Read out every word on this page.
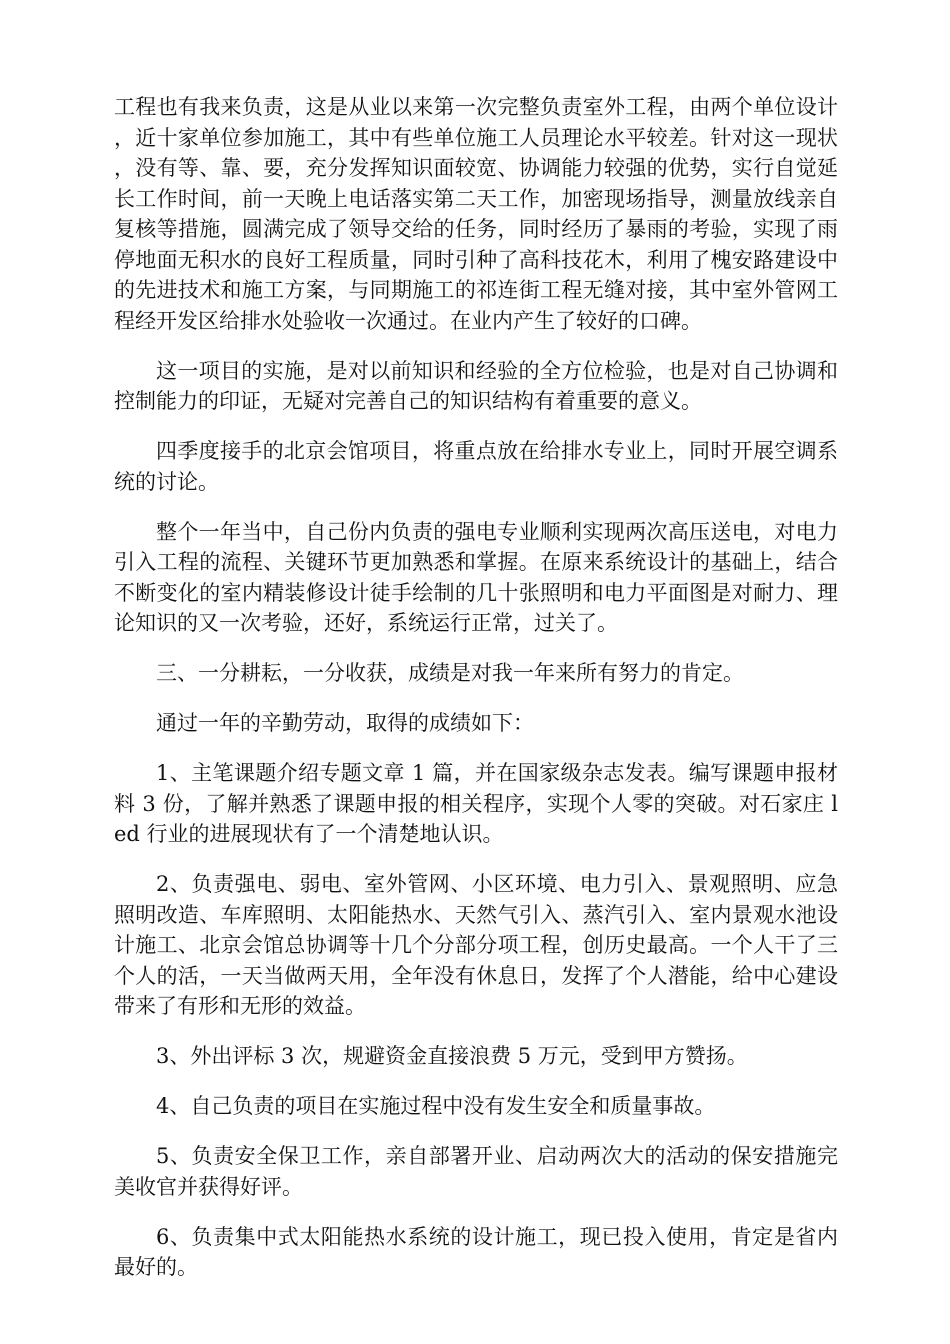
工程也有我来负责，这是从业以来第一次完整负责室外工程，由两个单位设计，近十家单位参加施工，其中有些单位施工人员理论水平较差。针对这一现状，没有等、靠、要，充分发挥知识面较宽、协调能力较强的优势，实行自觉延长工作时间，前一天晚上电话落实第二天工作，加密现场指导，测量放线亲自复核等措施，圆满完成了领导交给的任务，同时经历了暴雨的考验，实现了雨停地面无积水的良好工程质量，同时引种了高科技花木，利用了槐安路建设中的先进技术和施工方案，与同期施工的祁连街工程无缝对接，其中室外管网工程经开发区给排水处验收一次通过。在业内产生了较好的口碑。

这一项目的实施，是对以前知识和经验的全方位检验，也是对自己协调和控制能力的印证，无疑对完善自己的知识结构有着重要的意义。

四季度接手的北京会馆项目，将重点放在给排水专业上，同时开展空调系统的讨论。

整个一年当中，自己份内负责的强电专业顺利实现两次高压送电，对电力引入工程的流程、关键环节更加熟悉和掌握。在原来系统设计的基础上，结合不断变化的室内精装修设计徒手绘制的几十张照明和电力平面图是对耐力、理论知识的又一次考验，还好，系统运行正常，过关了。

三、一分耕耘，一分收获，成绩是对我一年来所有努力的肯定。

通过一年的辛勤劳动，取得的成绩如下：

1、主笔课题介绍专题文章 1 篇，并在国家级杂志发表。编写课题申报材料 3 份，了解并熟悉了课题申报的相关程序，实现个人零的突破。对石家庄 led 行业的进展现状有了一个清楚地认识。

2、负责强电、弱电、室外管网、小区环境、电力引入、景观照明、应急照明改造、车库照明、太阳能热水、天然气引入、蒸汽引入、室内景观水池设计施工、北京会馆总协调等十几个分部分项工程，创历史最高。一个人干了三个人的活，一天当做两天用，全年没有休息日，发挥了个人潜能，给中心建设带来了有形和无形的效益。

3、外出评标 3 次，规避资金直接浪费 5 万元，受到甲方赞扬。

4、自己负责的项目在实施过程中没有发生安全和质量事故。

5、负责安全保卫工作，亲自部署开业、启动两次大的活动的保安措施完美收官并获得好评。

6、负责集中式太阳能热水系统的设计施工，现已投入使用，肯定是省内最好的。
